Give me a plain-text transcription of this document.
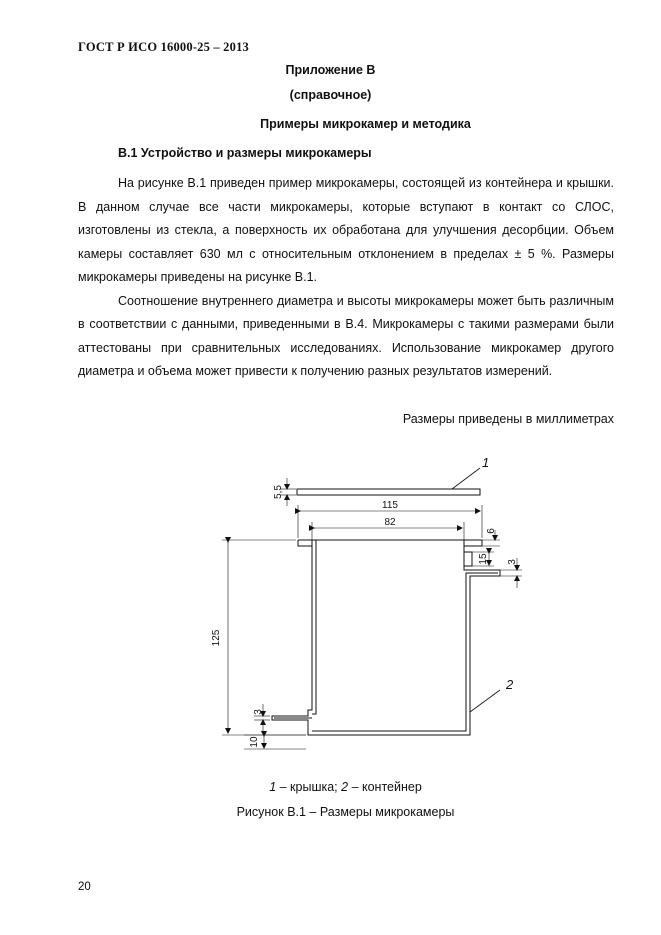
ГОСТ Р ИСО 16000-25 – 2013
Приложение В
(справочное)
Примеры микрокамер и методика
В.1 Устройство и размеры микрокамеры

На рисунке В.1 приведен пример микрокамеры, состоящей из контейнера и крышки. В данном случае все части микрокамеры, которые вступают в контакт со СЛОС, изготовлены из стекла, а поверхность их обработана для улучшения десорбции. Объем камеры составляет 630 мл с относительным отклонением в пределах ± 5 %. Размеры микрокамеры приведены на рисунке В.1.

Соотношение внутреннего диаметра и высоты микрокамеры может быть различным в соответствии с данными, приведенными в В.4. Микрокамеры с такими размерами были аттестованы при сравнительных исследованиях. Использование микрокамер другого диаметра и объема может привести к получению разных результатов измерений.

Размеры приведены в миллиметрах
5,5
115
82
6
15 3
125
3
10
1
2
1 – крышка; 2 – контейнер
Рисунок В.1 – Размеры микрокамеры
20
